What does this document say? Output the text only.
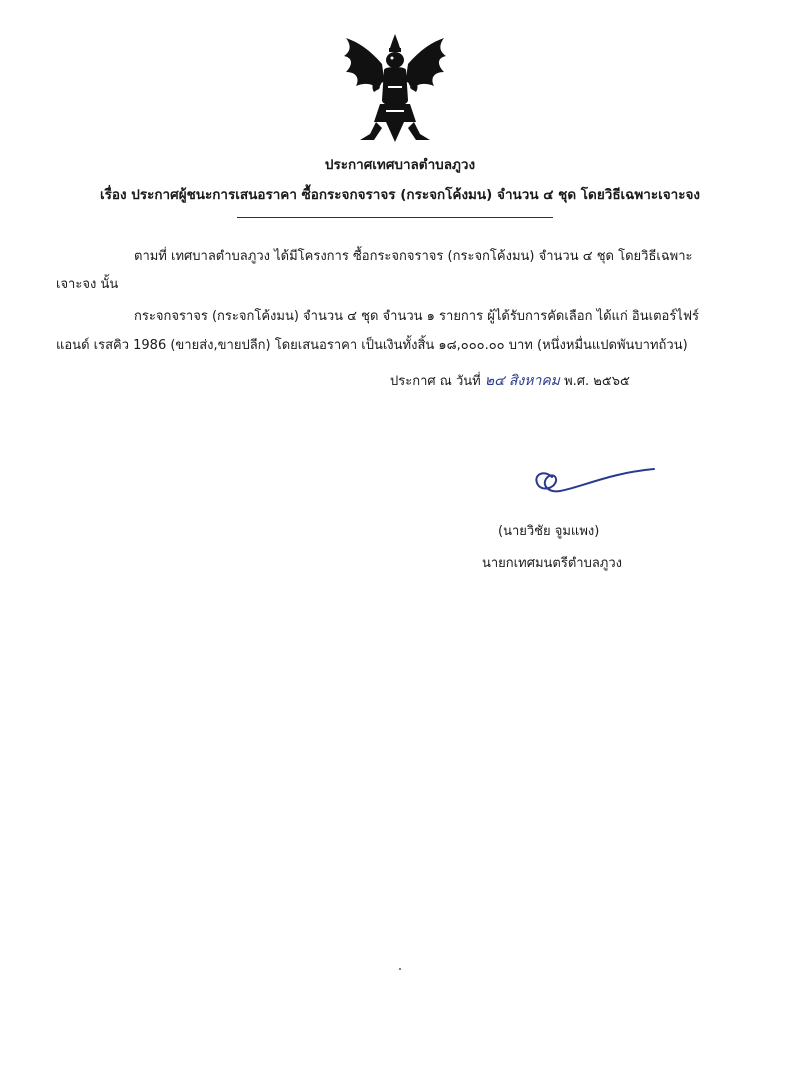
ประกาศเทศบาลตำบลภูวง
เรื่อง ประกาศผู้ชนะการเสนอราคา ซื้อกระจกจราจร (กระจกโค้งมน) จำนวน ๔ ชุด โดยวิธีเฉพาะเจาะจง
ตามที่ เทศบาลตำบลภูวง ได้มีโครงการ ซื้อกระจกจราจร (กระจกโค้งมน) จำนวน ๔ ชุด โดยวิธีเฉพาะ
เจาะจง นั้น
กระจกจราจร (กระจกโค้งมน) จำนวน ๔ ชุด จำนวน ๑ รายการ ผู้ได้รับการคัดเลือก ได้แก่ อินเตอร์ไฟร์
แอนด์ เรสคิว 1986 (ขายส่ง,ขายปลีก) โดยเสนอราคา เป็นเงินทั้งสิ้น ๑๘,๐๐๐.๐๐ บาท (หนึ่งหมื่นแปดพันบาทถ้วน)
ประกาศ ณ วันที่ ๒๔ สิงหาคม พ.ศ. ๒๕๖๕
(นายวิชัย จูมแพง)
นายกเทศมนตรีตำบลภูวง
